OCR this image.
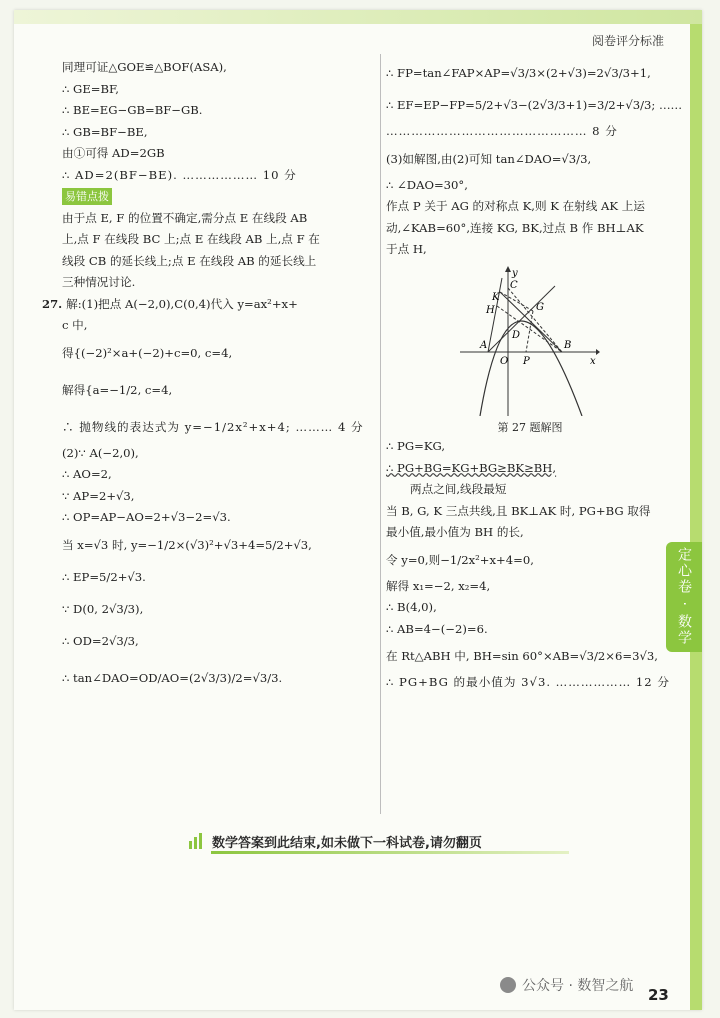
阅卷评分标准
定心卷 · 数学
同理可证△GOE≌△BOF(ASA),
∴ GE=BF,
∴ BE=EG−GB=BF−GB.
∴ GB=BF−BE,
由①可得 AD=2GB
∴ AD=2(BF−BE). ……………… 10 分
易错点拨
由于点 E, F 的位置不确定,需分点 E 在线段 AB
上,点 F 在线段 BC 上;点 E 在线段 AB 上,点 F 在
线段 CB 的延长线上;点 E 在线段 AB 的延长线上
三种情况讨论.
27. 解:(1)把点 A(−2,0),C(0,4)代入 y=ax²+x+
c 中,
得{(−2)²×a+(−2)+c=0, c=4,
解得{a=−1/2, c=4,
∴ 抛物线的表达式为 y=−1/2x²+x+4; ……… 4 分
(2)∵ A(−2,0),
∴ AO=2,
∵ AP=2+√3,
∴ OP=AP−AO=2+√3−2=√3.
当 x=√3 时, y=−1/2×(√3)²+√3+4=5/2+√3,
∴ EP=5/2+√3.
∵ D(0, 2√3/3),
∴ OD=2√3/3,
∴ tan∠DAO=OD/AO=(2√3/3)/2=√3/3.
∴ FP=tan∠FAP×AP=√3/3×(2+√3)=2√3/3+1,
∴ EF=EP−FP=5/2+√3−(2√3/3+1)=3/2+√3/3; ……
………………………………………… 8 分
(3)如解图,由(2)可知 tan∠DAO=√3/3,
∴ ∠DAO=30°,
作点 P 关于 AG 的对称点 K,则 K 在射线 AK 上运
动,∠KAB=60°,连接 KG, BK,过点 B 作 BH⊥AK
于点 H,
y
x
C
K
H	G
D
A
O P
B
第 27 题解图
∴ PG=KG,
∴ PG+BG=KG+BG≥BK≥BH,
两点之间,线段最短
当 B, G, K 三点共线,且 BK⊥AK 时, PG+BG 取得
最小值,最小值为 BH 的长,
令 y=0,则−1/2x²+x+4=0,
解得 x₁=−2, x₂=4,
∴ B(4,0),
∴ AB=4−(−2)=6.
在 Rt△ABH 中, BH=sin 60°×AB=√3/2×6=3√3,
∴ PG+BG 的最小值为 3√3. ……………… 12 分
数学答案到此结束,如未做下一科试卷,请勿翻页
23
公众号 · 数智之航
